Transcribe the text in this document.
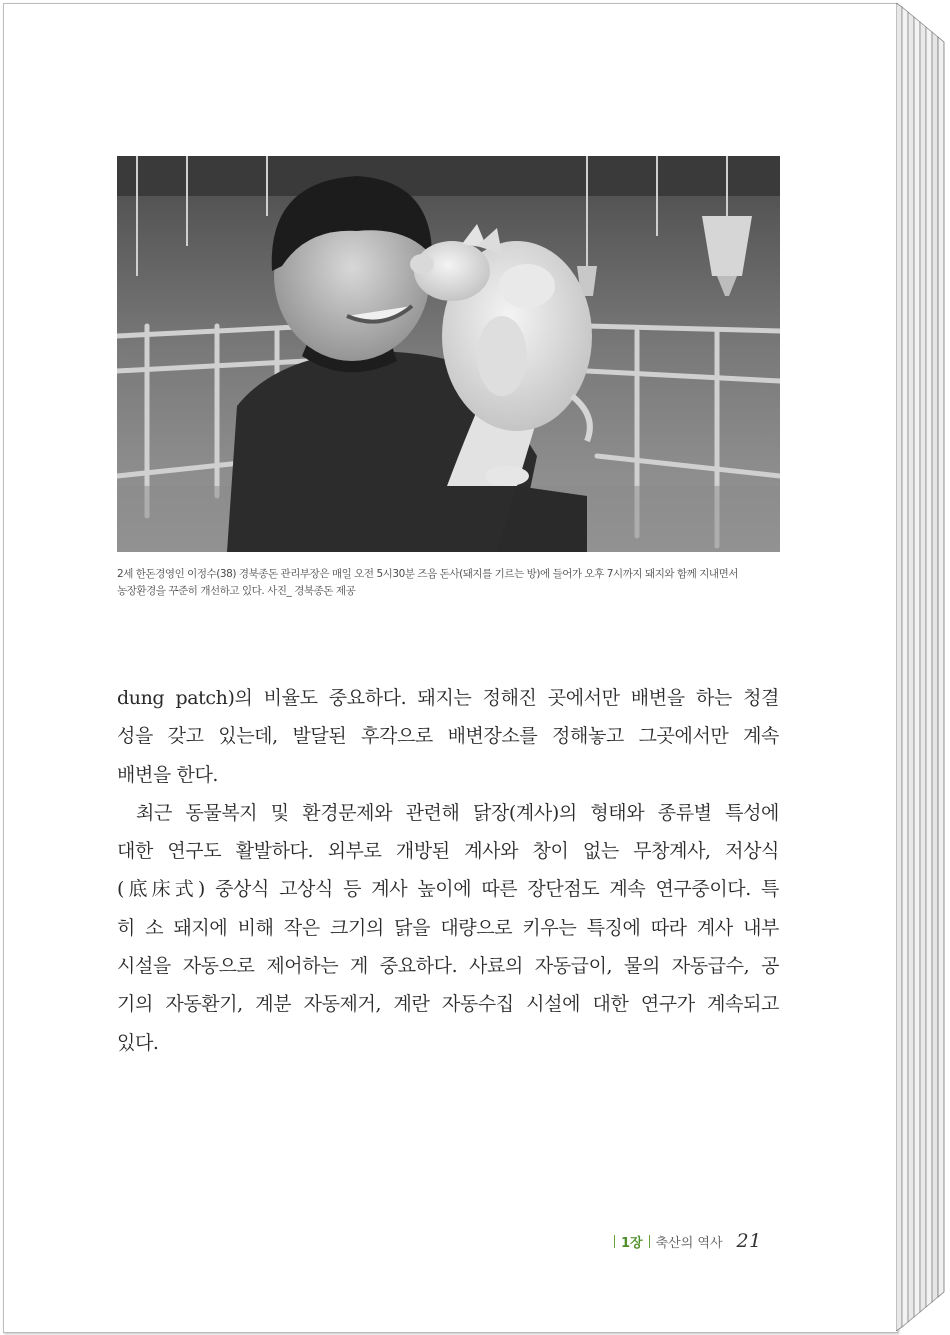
2세 한돈경영인 이정수(38) 경북종돈 관리부장은 매일 오전 5시30분 즈음 돈사(돼지를 기르는 방)에 들어가 오후 7시까지 돼지와 함께 지내면서

농장환경을 꾸준히 개선하고 있다. 사진_ 경북종돈 제공

dung patch)의 비율도 중요하다. 돼지는 정해진 곳에서만 배변을 하는 청결
성을 갖고 있는데, 발달된 후각으로 배변장소를 정해놓고 그곳에서만 계속
배변을 한다.
최근 동물복지 및 환경문제와 관련해 닭장(계사)의 형태와 종류별 특성에
대한 연구도 활발하다. 외부로 개방된 계사와 창이 없는 무창계사, 저상식
(底床式) 중상식 고상식 등 계사 높이에 따른 장단점도 계속 연구중이다. 특
히 소 돼지에 비해 작은 크기의 닭을 대량으로 키우는 특징에 따라 계사 내부
시설을 자동으로 제어하는 게 중요하다. 사료의 자동급이, 물의 자동급수, 공
기의 자동환기, 계분 자동제거, 계란 자동수집 시설에 대한 연구가 계속되고
있다.
1장 축산의 역사 21
